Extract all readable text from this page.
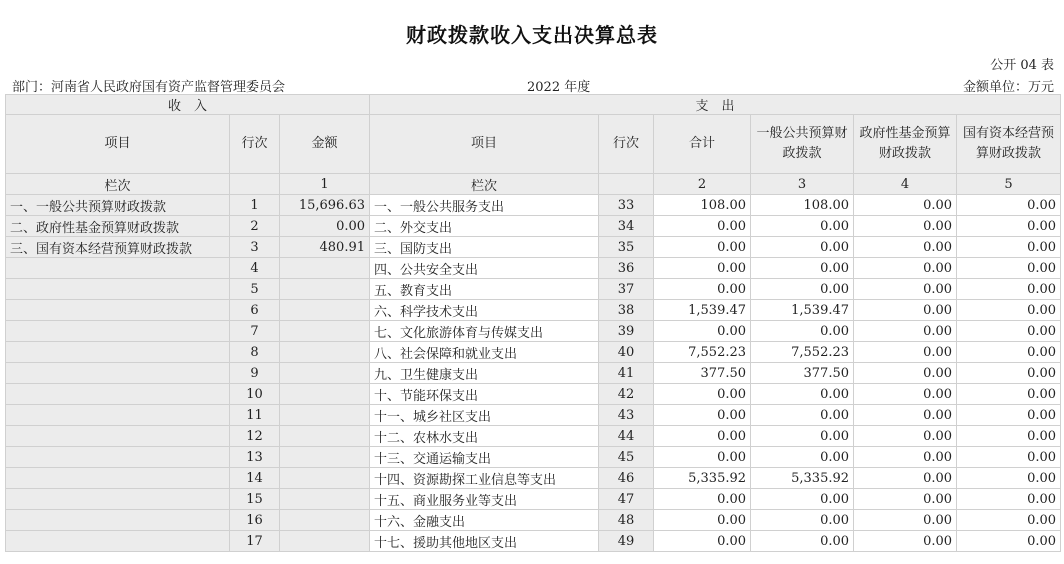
财政拨款收入支出决算总表
公开 04 表
部门：河南省人民政府国有资产监督管理委员会	2022 年度	金额单位：万元
收　入			支　出					
项目	行次	金额	项目	行次	合计	一般公共预算财政拨款	政府性基金预算财政拨款	国有资本经营预算财政拨款
栏次		1	栏次		2	3	4	5
一、一般公共预算财政拨款	1	15,696.63	一、一般公共服务支出	33	108.00	108.00	0.00	0.00
二、政府性基金预算财政拨款	2	0.00	二、外交支出	34	0.00	0.00	0.00	0.00
三、国有资本经营预算财政拨款	3	480.91	三、国防支出	35	0.00	0.00	0.00	0.00
	4		四、公共安全支出	36	0.00	0.00	0.00	0.00
	5		五、教育支出	37	0.00	0.00	0.00	0.00
	6		六、科学技术支出	38	1,539.47	1,539.47	0.00	0.00
	7		七、文化旅游体育与传媒支出	39	0.00	0.00	0.00	0.00
	8		八、社会保障和就业支出	40	7,552.23	7,552.23	0.00	0.00
	9		九、卫生健康支出	41	377.50	377.50	0.00	0.00
	10		十、节能环保支出	42	0.00	0.00	0.00	0.00
	11		十一、城乡社区支出	43	0.00	0.00	0.00	0.00
	12		十二、农林水支出	44	0.00	0.00	0.00	0.00
	13		十三、交通运输支出	45	0.00	0.00	0.00	0.00
	14		十四、资源勘探工业信息等支出	46	5,335.92	5,335.92	0.00	0.00
	15		十五、商业服务业等支出	47	0.00	0.00	0.00	0.00
	16		十六、金融支出	48	0.00	0.00	0.00	0.00
	17		十七、援助其他地区支出	49	0.00	0.00	0.00	0.00
